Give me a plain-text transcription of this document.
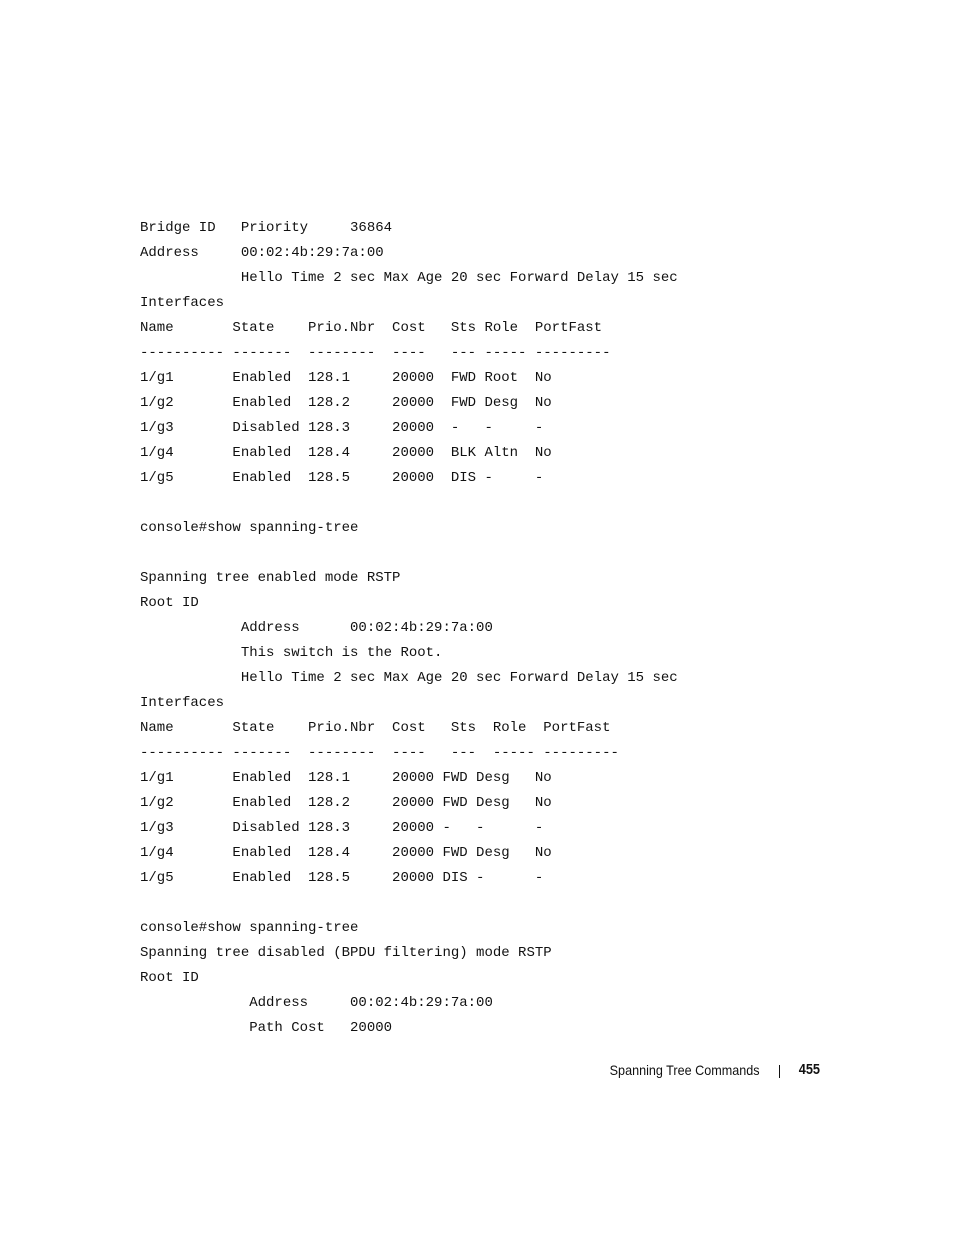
Bridge ID   Priority     36864
Address     00:02:4b:29:7a:00
Hello Time 2 sec Max Age 20 sec Forward Delay 15 sec
Interfaces
Name       State    Prio.Nbr  Cost   Sts Role  PortFast
---------- -------  --------  ----   --- ----- ---------
1/g1       Enabled  128.1     20000  FWD Root  No
1/g2       Enabled  128.2     20000  FWD Desg  No
1/g3       Disabled 128.3     20000  -   -     -
1/g4       Enabled  128.4     20000  BLK Altn  No
1/g5       Enabled  128.5     20000  DIS -     -
console#show spanning-tree
Spanning tree enabled mode RSTP
Root ID
Address      00:02:4b:29:7a:00
This switch is the Root.
Hello Time 2 sec Max Age 20 sec Forward Delay 15 sec
Interfaces
Name       State    Prio.Nbr  Cost   Sts  Role  PortFast
---------- -------  --------  ----   ---  ----- ---------
1/g1       Enabled  128.1     20000 FWD Desg   No
1/g2       Enabled  128.2     20000 FWD Desg   No
1/g3       Disabled 128.3     20000 -   -      -
1/g4       Enabled  128.4     20000 FWD Desg   No
1/g5       Enabled  128.5     20000 DIS -      -
console#show spanning-tree
Spanning tree disabled (BPDU filtering) mode RSTP
Root ID
Address     00:02:4b:29:7a:00
Path Cost   20000
Spanning Tree Commands	455
